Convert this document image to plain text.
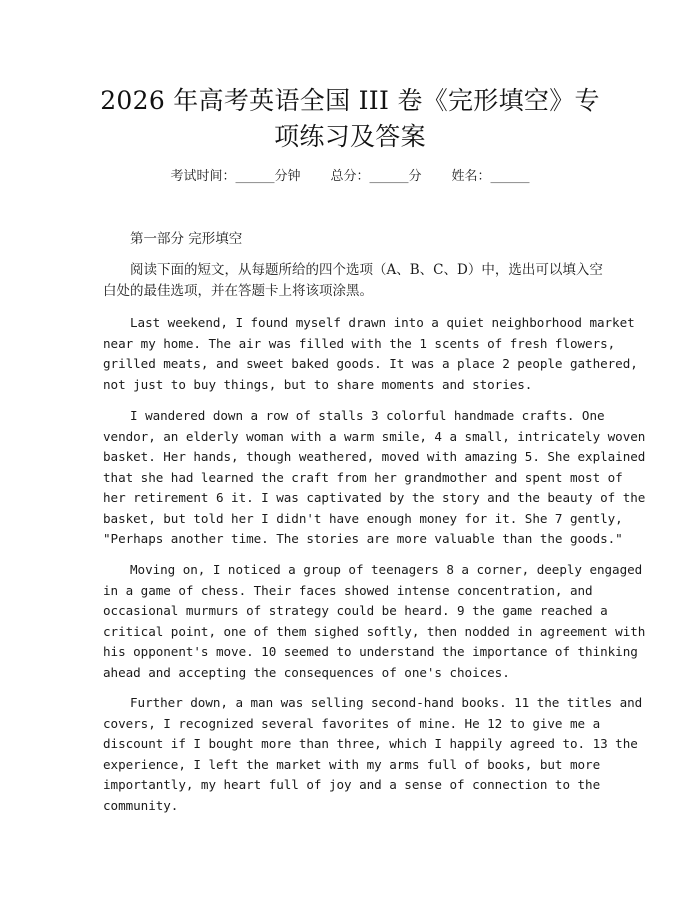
2026 年高考英语全国 III 卷《完形填空》专
项练习及答案
考试时间：______分钟 总分：______分 姓名：______
第一部分 完形填空
阅读下面的短文，从每题所给的四个选项（A、B、C、D）中，选出可以填入空
白处的最佳选项，并在答题卡上将该项涂黑。
Last weekend, I found myself drawn into a quiet neighborhood market
near my home. The air was filled with the 1 scents of fresh flowers,
grilled meats, and sweet baked goods. It was a place 2 people gathered,
not just to buy things, but to share moments and stories.
I wandered down a row of stalls 3 colorful handmade crafts. One
vendor, an elderly woman with a warm smile, 4 a small, intricately woven
basket. Her hands, though weathered, moved with amazing 5. She explained
that she had learned the craft from her grandmother and spent most of
her retirement 6 it. I was captivated by the story and the beauty of the
basket, but told her I didn't have enough money for it. She 7 gently,
"Perhaps another time. The stories are more valuable than the goods."
Moving on, I noticed a group of teenagers 8 a corner, deeply engaged
in a game of chess. Their faces showed intense concentration, and
occasional murmurs of strategy could be heard. 9 the game reached a
critical point, one of them sighed softly, then nodded in agreement with
his opponent's move. 10 seemed to understand the importance of thinking
ahead and accepting the consequences of one's choices.
Further down, a man was selling second-hand books. 11 the titles and
covers, I recognized several favorites of mine. He 12 to give me a
discount if I bought more than three, which I happily agreed to. 13 the
experience, I left the market with my arms full of books, but more
importantly, my heart full of joy and a sense of connection to the
community.
